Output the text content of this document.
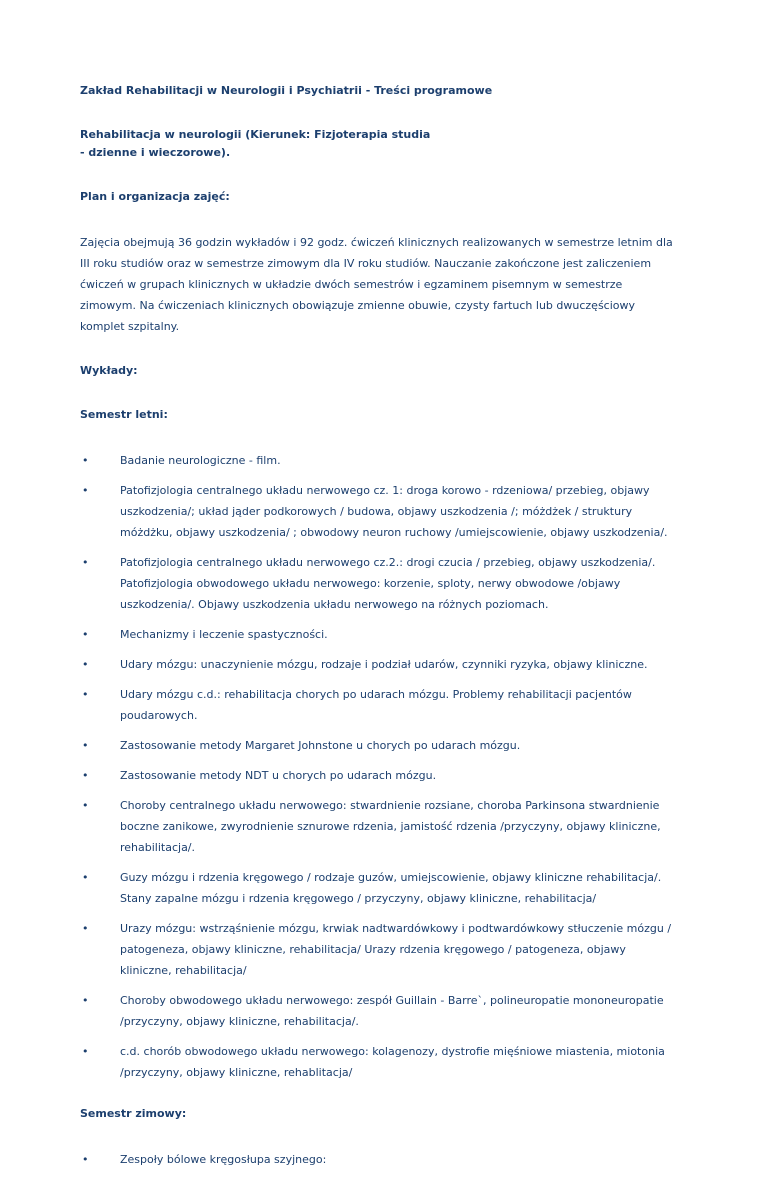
Zakład Rehabilitacji w Neurologii i Psychiatrii - Treści programowe

Rehabilitacja w neurologii (Kierunek: Fizjoterapia studia

- dzienne i wieczorowe).

Plan i organizacja zajęć:

Zajęcia obejmują 36 godzin wykładów i 92 godz. ćwiczeń klinicznych realizowanych w semestrze letnim dla III roku studiów oraz w semestrze zimowym dla IV roku studiów. Nauczanie zakończone jest zaliczeniem ćwiczeń w grupach klinicznych w układzie dwóch semestrów i egzaminem pisemnym w semestrze zimowym. Na ćwiczeniach klinicznych obowiązuje zmienne obuwie, czysty fartuch lub dwuczęściowy komplet szpitalny.

Wykłady:

Semestr letni:

•	Badanie neurologiczne - film.
•	Patofizjologia centralnego układu nerwowego cz. 1: droga korowo - rdzeniowa/ przebieg, objawy uszkodzenia/; układ jąder podkorowych / budowa, objawy uszkodzenia /; móżdżek / struktury móżdżku, objawy uszkodzenia/ ; obwodowy neuron ruchowy /umiejscowienie, objawy uszkodzenia/.
•	Patofizjologia centralnego układu nerwowego cz.2.: drogi czucia / przebieg, objawy uszkodzenia/. Patofizjologia obwodowego układu nerwowego: korzenie, sploty, nerwy obwodowe /objawy uszkodzenia/. Objawy uszkodzenia układu nerwowego na różnych poziomach.
•	Mechanizmy i leczenie spastyczności.
•	Udary mózgu: unaczynienie mózgu, rodzaje i podział udarów, czynniki ryzyka, objawy kliniczne.
•	Udary mózgu c.d.: rehabilitacja chorych po udarach mózgu. Problemy rehabilitacji pacjentów poudarowych.
•	Zastosowanie metody Margaret Johnstone u chorych po udarach mózgu.
•	Zastosowanie metody NDT u chorych po udarach mózgu.
•	Choroby centralnego układu nerwowego: stwardnienie rozsiane, choroba Parkinsona stwardnienie boczne zanikowe, zwyrodnienie sznurowe rdzenia, jamistość rdzenia /przyczyny, objawy kliniczne, rehabilitacja/.
•	Guzy mózgu i rdzenia kręgowego / rodzaje guzów, umiejscowienie, objawy kliniczne rehabilitacja/. Stany zapalne mózgu i rdzenia kręgowego / przyczyny, objawy kliniczne, rehabilitacja/
•	Urazy mózgu: wstrząśnienie mózgu, krwiak nadtwardówkowy i podtwardówkowy stłuczenie mózgu / patogeneza, objawy kliniczne, rehabilitacja/ Urazy rdzenia kręgowego / patogeneza, objawy kliniczne, rehabilitacja/
•	Choroby obwodowego układu nerwowego: zespół Guillain - Barre`, polineuropatie mononeuropatie /przyczyny, objawy kliniczne, rehabilitacja/.
•	c.d. chorób obwodowego układu nerwowego: kolagenozy, dystrofie mięśniowe miastenia, miotonia /przyczyny, objawy kliniczne, rehablitacja/

Semestr zimowy:

•	Zespoły bólowe kręgosłupa szyjnego:
